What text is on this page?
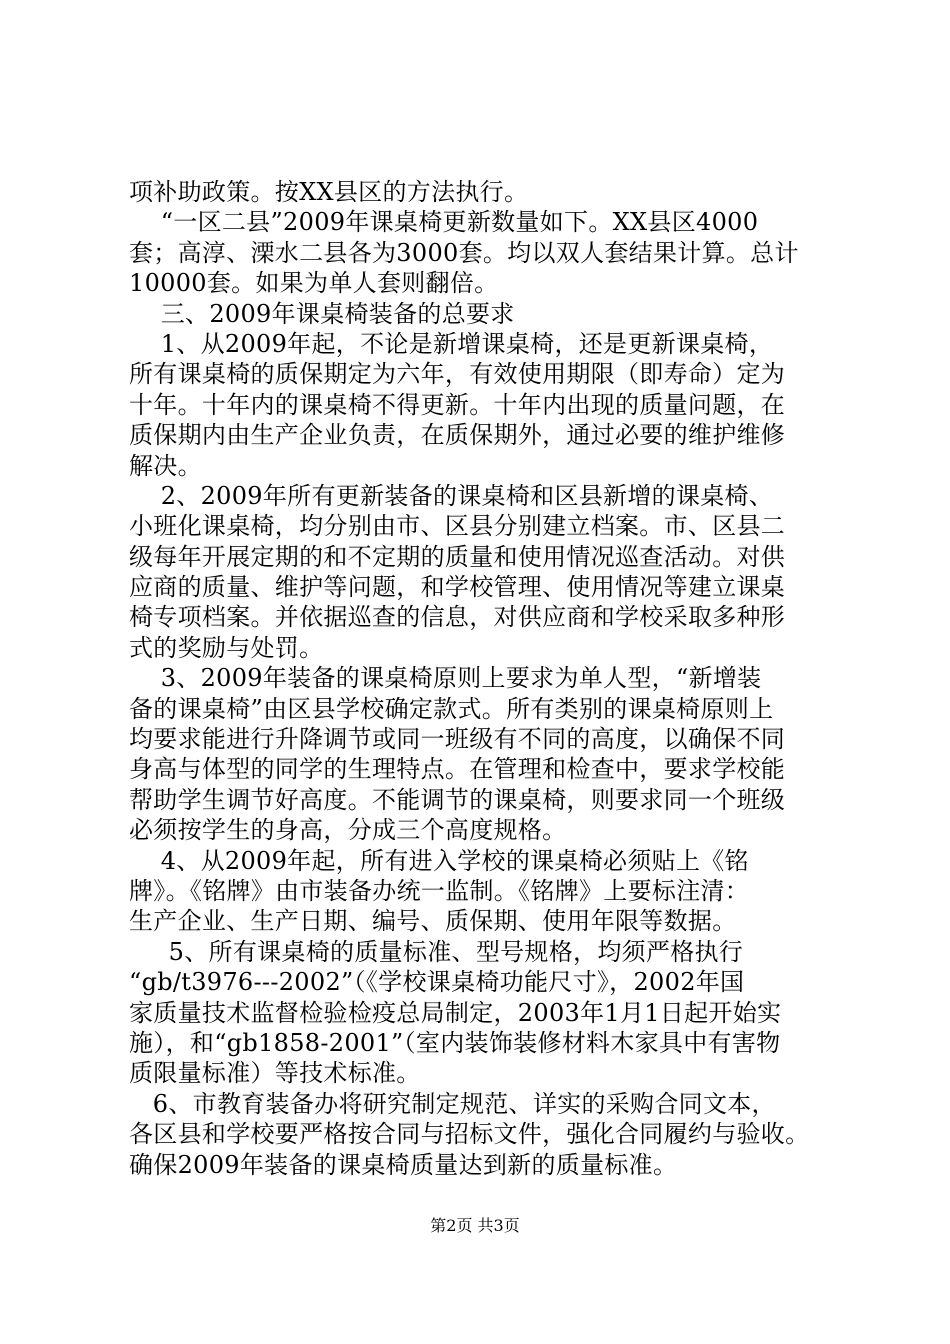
项补助政策。按XX县区的方法执行。
“一区二县”2009年课桌椅更新数量如下。XX县区4000
套；高淳、溧水二县各为3000套。均以双人套结果计算。总计
10000套。如果为单人套则翻倍。
三、2009年课桌椅装备的总要求
1、从2009年起，不论是新增课桌椅，还是更新课桌椅，
所有课桌椅的质保期定为六年，有效使用期限（即寿命）定为
十年。十年内的课桌椅不得更新。十年内出现的质量问题，在
质保期内由生产企业负责，在质保期外，通过必要的维护维修
解决。
2、2009年所有更新装备的课桌椅和区县新增的课桌椅、
小班化课桌椅，均分别由市、区县分别建立档案。市、区县二
级每年开展定期的和不定期的质量和使用情况巡查活动。对供
应商的质量、维护等问题，和学校管理、使用情况等建立课桌
椅专项档案。并依据巡查的信息，对供应商和学校采取多种形
式的奖励与处罚。
3、2009年装备的课桌椅原则上要求为单人型，“新增装
备的课桌椅”由区县学校确定款式。所有类别的课桌椅原则上
均要求能进行升降调节或同一班级有不同的高度，以确保不同
身高与体型的同学的生理特点。在管理和检查中，要求学校能
帮助学生调节好高度。不能调节的课桌椅，则要求同一个班级
必须按学生的身高，分成三个高度规格。
4、从2009年起，所有进入学校的课桌椅必须贴上《铭
牌》。《铭牌》由市装备办统一监制。《铭牌》上要标注清：
生产企业、生产日期、编号、质保期、使用年限等数据。
5、所有课桌椅的质量标准、型号规格，均须严格执行
“gb/t3976---2002”（《学校课桌椅功能尺寸》，2002年国
家质量技术监督检验检疫总局制定，2003年1月1日起开始实
施），和“gb1858-2001”（室内装饰装修材料木家具中有害物
质限量标准）等技术标准。
6、市教育装备办将研究制定规范、详实的采购合同文本，
各区县和学校要严格按合同与招标文件，强化合同履约与验收。
确保2009年装备的课桌椅质量达到新的质量标准。
第2页 共3页
